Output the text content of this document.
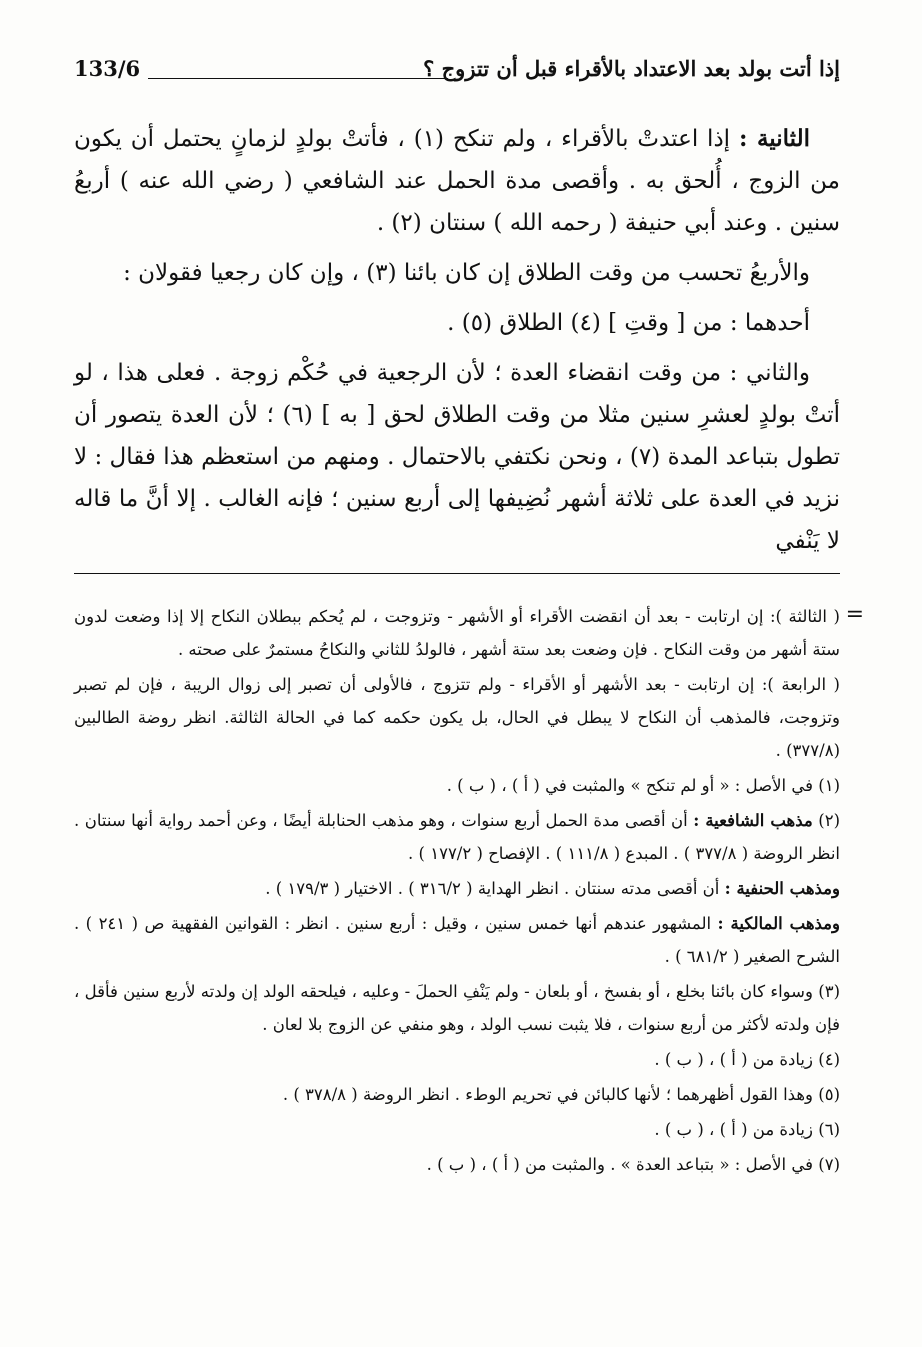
إذا أتت بولد بعد الاعتداد بالأقراء قبل أن تتزوج ؟
133/6

الثانية : إذا اعتدتْ بالأقراء ، ولم تنكح (١) ، فأتتْ بولدٍ لزمانٍ يحتمل أن يكون من الزوج ، أُلحق به . وأقصى مدة الحمل عند الشافعي ( رضي الله عنه ) أربعُ سنين . وعند أبي حنيفة ( رحمه الله ) سنتان (٢) .

والأربعُ تحسب من وقت الطلاق إن كان بائنا (٣) ، وإن كان رجعيا فقولان :

أحدهما : من [ وقتِ ] (٤) الطلاق (٥) .

والثاني : من وقت انقضاء العدة ؛ لأن الرجعية في حُكْم زوجة . فعلى هذا ، لو أتتْ بولدٍ لعشرِ سنين مثلا من وقت الطلاق لحق [ به ] (٦) ؛ لأن العدة يتصور أن تطول بتباعد المدة (٧) ، ونحن نكتفي بالاحتمال . ومنهم من استعظم هذا فقال : لا نزيد في العدة على ثلاثة أشهر نُضِيفها إلى أربع سنين ؛ فإنه الغالب . إلا أنَّ ما قاله لا يَنْفي

=

( الثالثة ): إن ارتابت - بعد أن انقضت الأقراء أو الأشهر - وتزوجت ، لم يُحكم ببطلان النكاح إلا إذا وضعت لدون ستة أشهر من وقت النكاح . فإن وضعت بعد ستة أشهر ، فالولدُ للثاني والنكاحُ مستمرٌ على صحته .

( الرابعة ): إن ارتابت - بعد الأشهر أو الأقراء - ولم تتزوج ، فالأولى أن تصبر إلى زوال الريبة ، فإن لم تصبر وتزوجت، فالمذهب أن النكاح لا يبطل في الحال، بل يكون حكمه كما في الحالة الثالثة. انظر روضة الطالبين (٣٧٧/٨) .

(١) في الأصل : « أو لم تنكح » والمثبت في ( أ ) ، ( ب ) .

(٢) مذهب الشافعية : أن أقصى مدة الحمل أربع سنوات ، وهو مذهب الحنابلة أيضًا ، وعن أحمد رواية أنها سنتان . انظر الروضة ( ٣٧٧/٨ ) . المبدع ( ١١١/٨ ) . الإفصاح ( ١٧٧/٢ ) .

ومذهب الحنفية : أن أقصى مدته سنتان . انظر الهداية ( ٣١٦/٢ ) . الاختيار ( ١٧٩/٣ ) .

ومذهب المالكية : المشهور عندهم أنها خمس سنين ، وقيل : أربع سنين . انظر : القوانين الفقهية ص ( ٢٤١ ) . الشرح الصغير ( ٦٨١/٢ ) .

(٣) وسواء كان بائنا بخلع ، أو بفسخ ، أو بلعان - ولم يَنْفِ الحملَ - وعليه ، فيلحقه الولد إن ولدته لأربع سنين فأقل ، فإن ولدته لأكثر من أربع سنوات ، فلا يثبت نسب الولد ، وهو منفي عن الزوج بلا لعان .

(٤) زيادة من ( أ ) ، ( ب ) .

(٥) وهذا القول أظهرهما ؛ لأنها كالبائن في تحريم الوطء . انظر الروضة ( ٣٧٨/٨ ) .

(٦) زيادة من ( أ ) ، ( ب ) .

(٧) في الأصل : « بتباعد العدة » . والمثبت من ( أ ) ، ( ب ) .
